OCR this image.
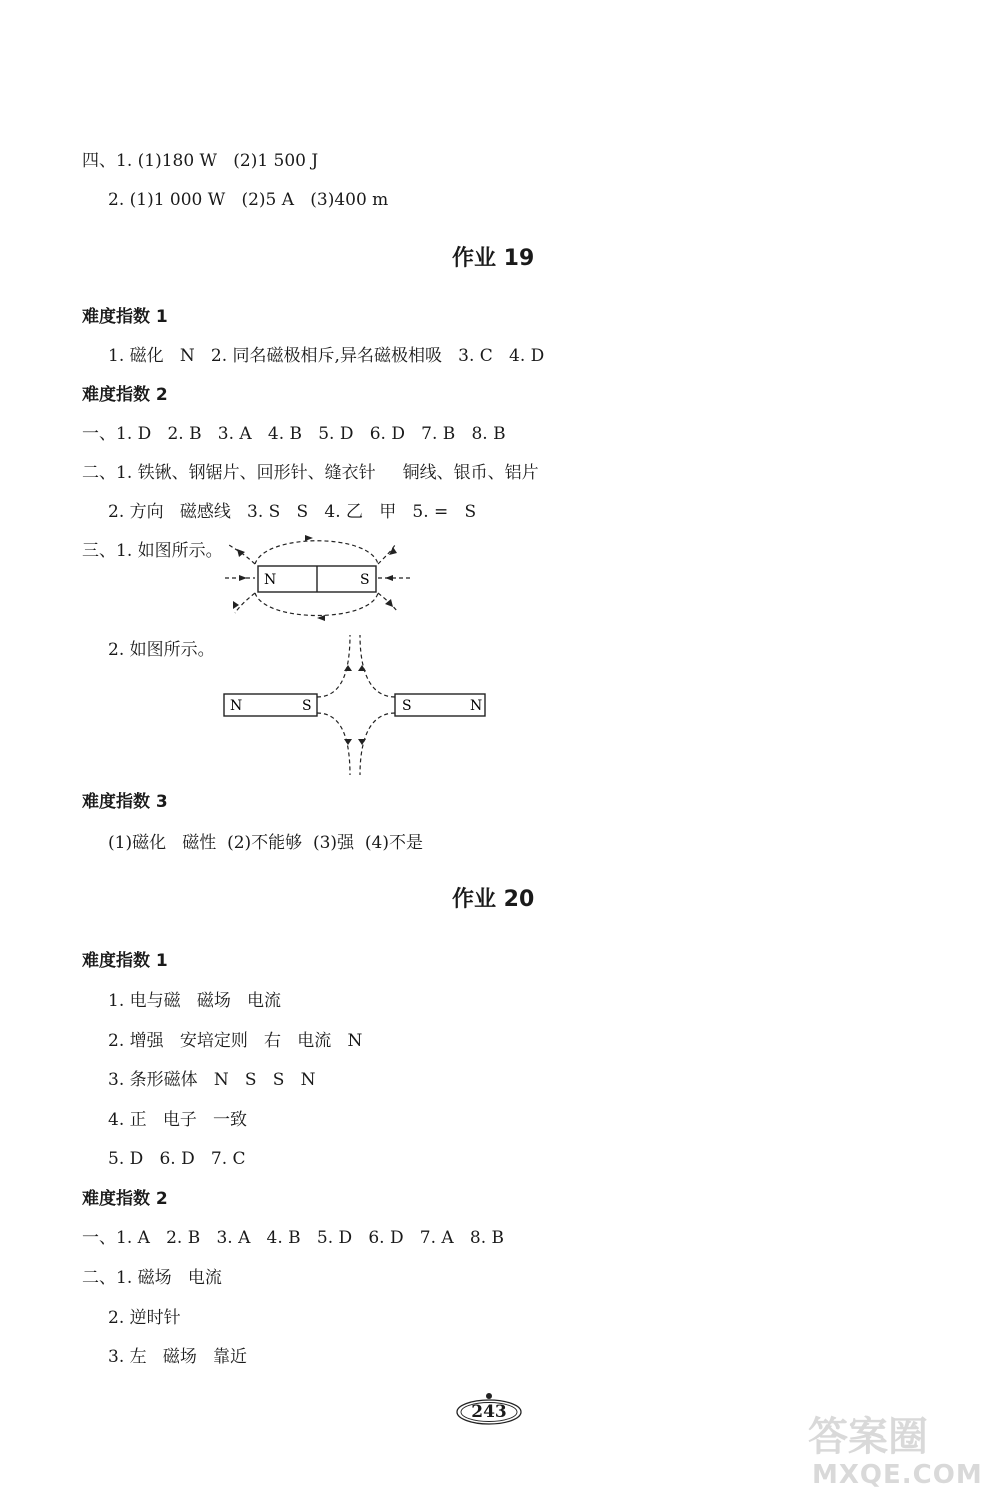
四、1. (1)180 W   (2)1 500 J
2. (1)1 000 W   (2)5 A   (3)400 m
作业 19
难度指数 1
1. 磁化   N   2. 同名磁极相斥,异名磁极相吸   3. C   4. D
难度指数 2
一、1. D   2. B   3. A   4. B   5. D   6. D   7. B   8. B
二、1. 铁锹、钢锯片、回形针、缝衣针     铜线、银币、铝片
2. 方向   磁感线   3. S   S   4. 乙   甲   5. =   S
三、1. 如图所示。
N	S
2. 如图所示。
N	S	S	N
难度指数 3
(1)磁化   磁性  (2)不能够  (3)强  (4)不是
作业 20
难度指数 1
1. 电与磁   磁场   电流
2. 增强   安培定则   右   电流   N
3. 条形磁体   N   S   S   N
4. 正   电子   一致
5. D   6. D   7. C
难度指数 2
一、1. A   2. B   3. A   4. B   5. D   6. D   7. A   8. B
二、1. 磁场   电流
2. 逆时针
3. 左   磁场   靠近
243
答案圈
MXQE.COM
